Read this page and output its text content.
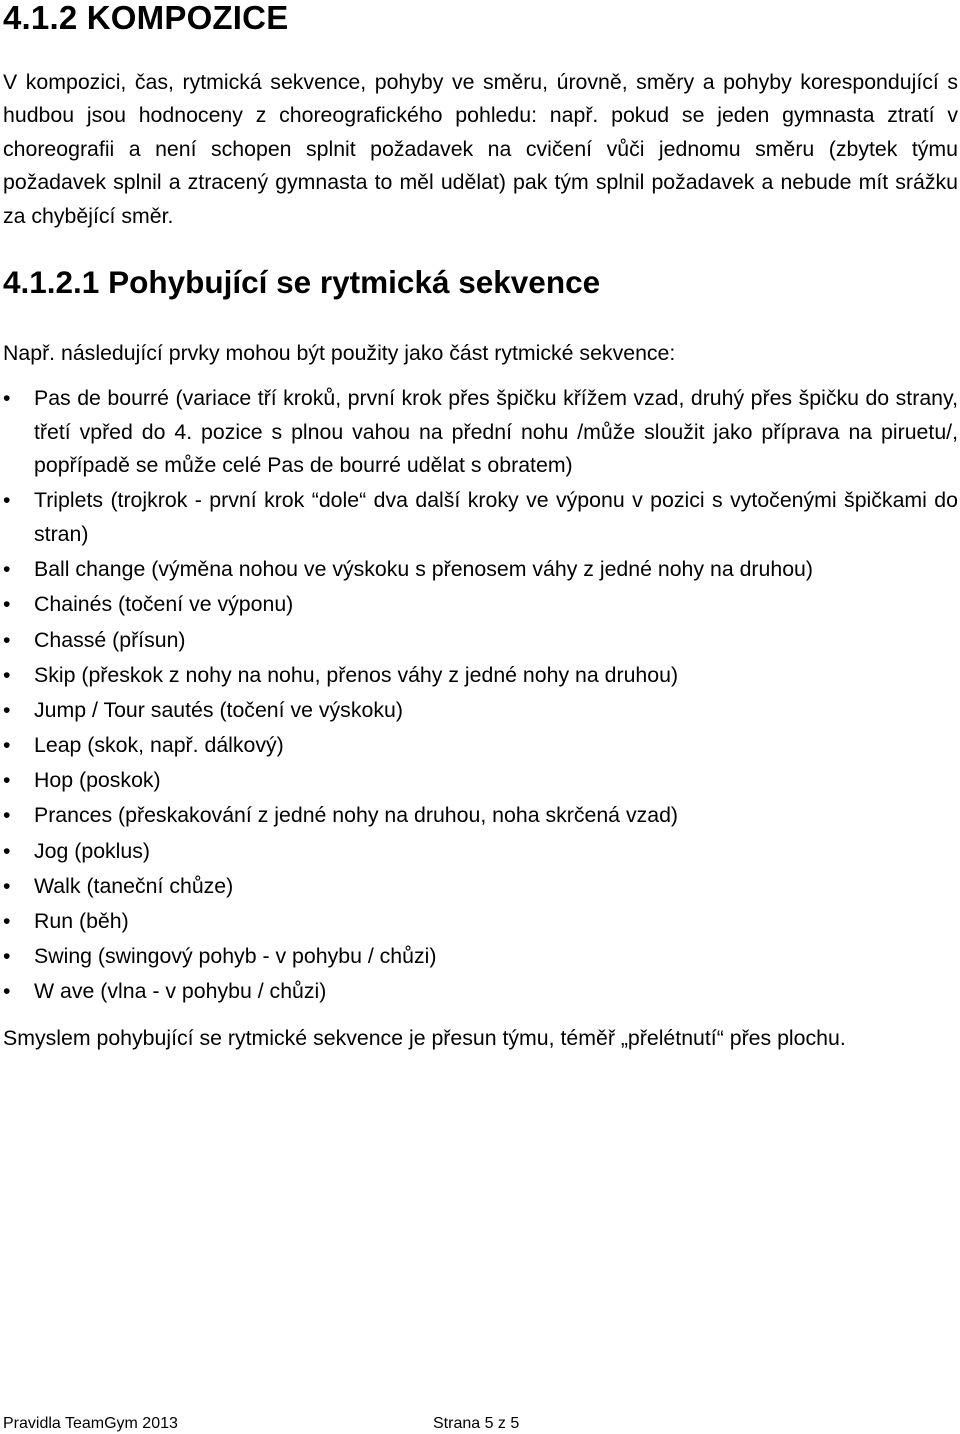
4.1.2 KOMPOZICE

V kompozici, čas, rytmická sekvence, pohyby ve směru, úrovně, směry a pohyby korespondující s hudbou jsou hodnoceny z choreografického pohledu: např. pokud se jeden gymnasta ztratí v choreografii a není schopen splnit požadavek na cvičení vůči jednomu směru (zbytek týmu požadavek splnil a ztracený gymnasta to měl udělat) pak tým splnil požadavek a nebude mít srážku za chybějící směr.

4.1.2.1 Pohybující se rytmická sekvence

Např. následující prvky mohou být použity jako část rytmické sekvence:

•	Pas de bourré (variace tří kroků, první krok přes špičku křížem vzad, druhý přes špičku do strany, třetí vpřed do 4. pozice s plnou vahou na přední nohu /může sloužit jako příprava na piruetu/, popřípadě se může celé Pas de bourré udělat s obratem)
•	Triplets (trojkrok - první krok “dole“ dva další kroky ve výponu v pozici s vytočenými špičkami do stran)
•	Ball change (výměna nohou ve výskoku s přenosem váhy z jedné nohy na druhou)
•	Chainés (točení ve výponu)
•	Chassé (přísun)
•	Skip (přeskok z nohy na nohu, přenos váhy z jedné nohy na druhou)
•	Jump / Tour sautés (točení ve výskoku)
•	Leap (skok, např. dálkový)
•	Hop (poskok)
•	Prances (přeskakování z jedné nohy na druhou, noha skrčená vzad)
•	Jog (poklus)
•	Walk (taneční chůze)
•	Run (běh)
•	Swing (swingový pohyb - v pohybu / chůzi)
•	W ave (vlna - v pohybu / chůzi)

Smyslem pohybující se rytmické sekvence je přesun týmu, téměř „přelétnutí“ přes plochu.

Pravidla TeamGym 2013	Strana 5 z 5
